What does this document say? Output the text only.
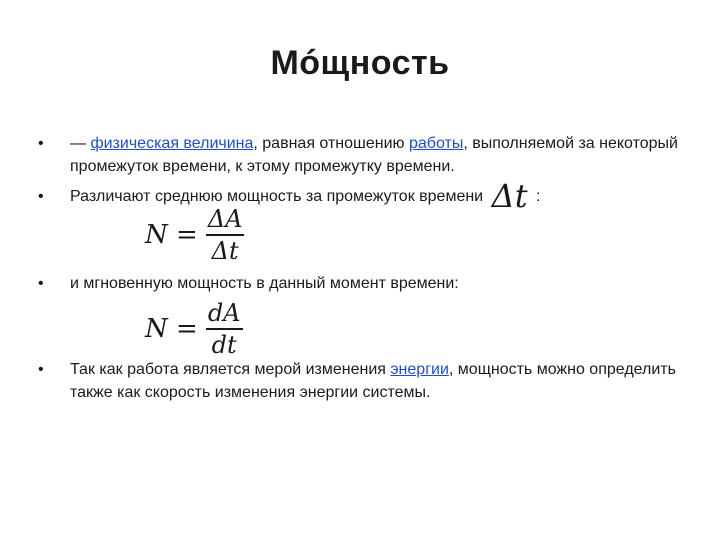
Мóщность
• — физическая величина, равная отношению работы, выполняемой за некоторый промежуток времени, к этому промежутку времени.
• Различают среднюю мощность за промежуток времени Δt :
$N = \frac{\Delta A}{\Delta t}$
• и мгновенную мощность в данный момент времени:
$N = \frac{dA}{dt}$
• Так как работа является мерой изменения энергии, мощность можно определить также как скорость изменения энергии системы.
